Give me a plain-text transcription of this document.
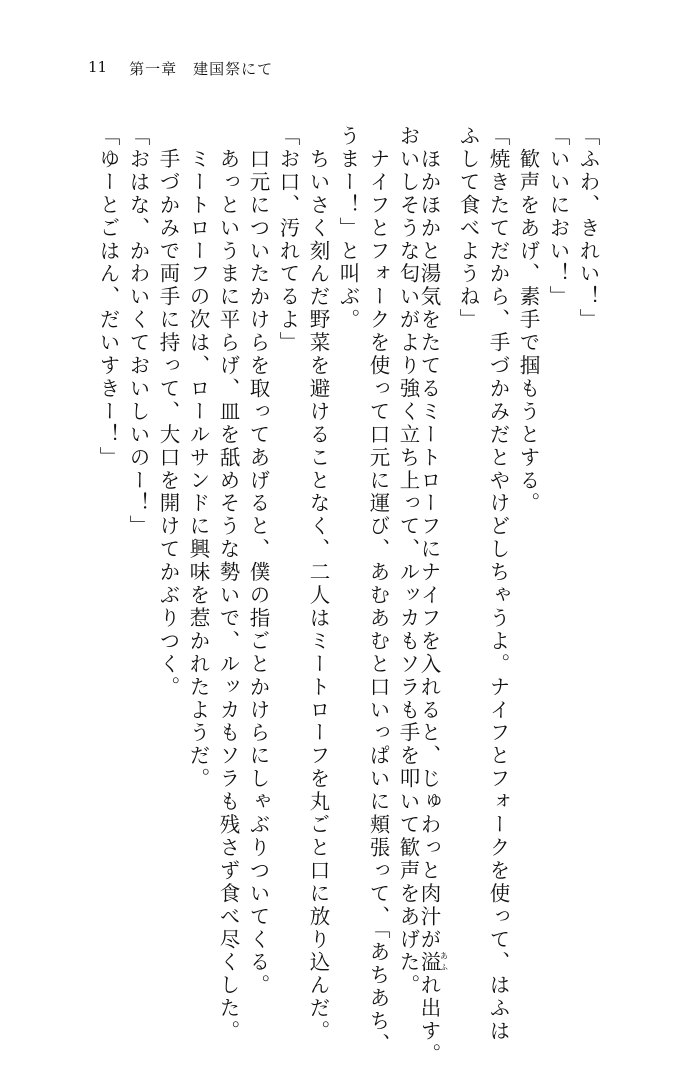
11 第一章　建国祭にて
「ふわ、きれい！」
「いいにおい！」
　歓声をあげ、素手で掴もうとする。
「焼きたてだから、手づかみだとやけどしちゃうよ。ナイフとフォークを使って、はふは
ふして食べようね」
　ほかほかと湯気をたてるミートローフにナイフを入れると、じゅわっと肉汁が溢あふれ出す。
おいしそうな匂いがより強く立ち上って、ルッカもソラも手を叩いて歓声をあげた。
　ナイフとフォークを使って口元に運び、あむあむと口いっぱいに頬張って、「あちあち、
うまー！」と叫ぶ。
　ちいさく刻んだ野菜を避けることなく、二人はミートローフを丸ごと口に放り込んだ。
「お口、汚れてるよ」
　口元についたかけらを取ってあげると、僕の指ごとかけらにしゃぶりついてくる。
　あっというまに平らげ、皿を舐めそうな勢いで、ルッカもソラも残さず食べ尽くした。
　ミートローフの次は、ロールサンドに興味を惹かれたようだ。
　手づかみで両手に持って、大口を開けてかぶりつく。
「おはな、かわいくておいしいのー！」
「ゆーとごはん、だいすきー！」
